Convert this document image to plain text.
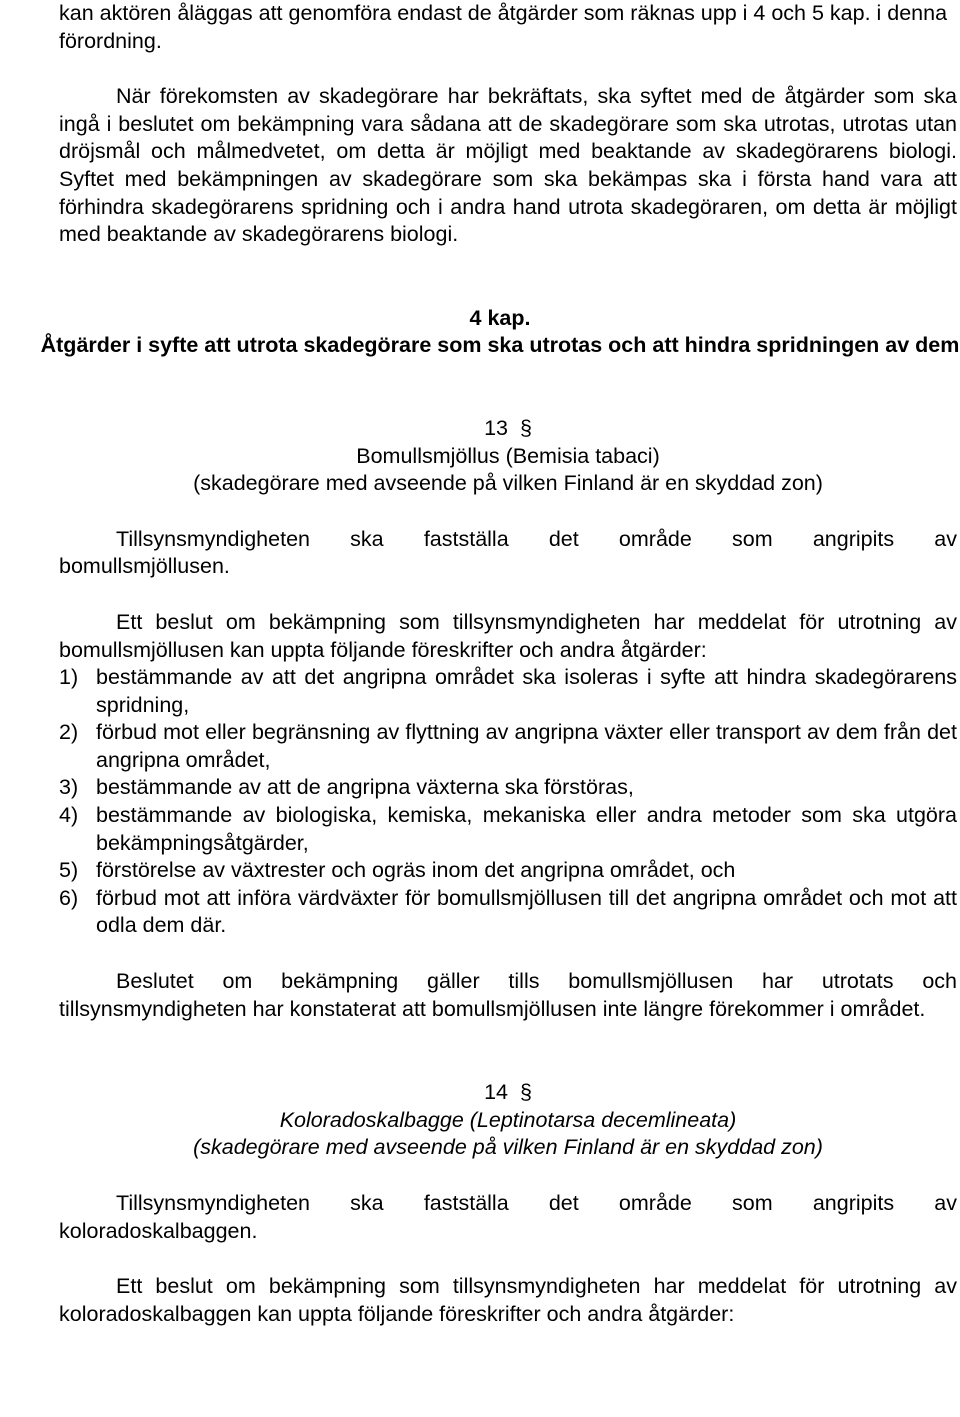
kan aktören åläggas att genomföra endast de åtgärder som räknas upp i 4 och 5 kap. i denna förordning.

När förekomsten av skadegörare har bekräftats, ska syftet med de åtgärder som ska ingå i beslutet om bekämpning vara sådana att de skadegörare som ska utrotas, utrotas utan dröjsmål och målmedvetet, om detta är möjligt med beaktande av skadegörarens biologi. Syftet med bekämpningen av skadegörare som ska bekämpas ska i första hand vara att förhindra skadegörarens spridning och i andra hand utrota skadegöraren, om detta är möjligt med beaktande av skadegörarens biologi.

4 kap.

Åtgärder i syfte att utrota skadegörare som ska utrotas och att hindra spridningen av dem

13 §

Bomullsmjöllus (Bemisia tabaci)

(skadegörare med avseende på vilken Finland är en skyddad zon)

Tillsynsmyndigheten ska fastställa det område som angripits av

bomullsmjöllusen.

Ett beslut om bekämpning som tillsynsmyndigheten har meddelat för utrotning av bomullsmjöllusen kan uppta följande föreskrifter och andra åtgärder:

1) bestämmande av att det angripna området ska isoleras i syfte att hindra skadegörarens spridning,
2) förbud mot eller begränsning av flyttning av angripna växter eller transport av dem från det angripna området,
3) bestämmande av att de angripna växterna ska förstöras,
4) bestämmande av biologiska, kemiska, mekaniska eller andra metoder som ska utgöra bekämpningsåtgärder,
5) förstörelse av växtrester och ogräs inom det angripna området, och
6) förbud mot att införa värdväxter för bomullsmjöllusen till det angripna området och mot att odla dem där.

Beslutet om bekämpning gäller tills bomullsmjöllusen har utrotats och tillsynsmyndigheten har konstaterat att bomullsmjöllusen inte längre förekommer i området.

14 §

Koloradoskalbagge (Leptinotarsa decemlineata)

(skadegörare med avseende på vilken Finland är en skyddad zon)

Tillsynsmyndigheten ska fastställa det område som angripits av

koloradoskalbaggen.

Ett beslut om bekämpning som tillsynsmyndigheten har meddelat för utrotning av koloradoskalbaggen kan uppta följande föreskrifter och andra åtgärder:
